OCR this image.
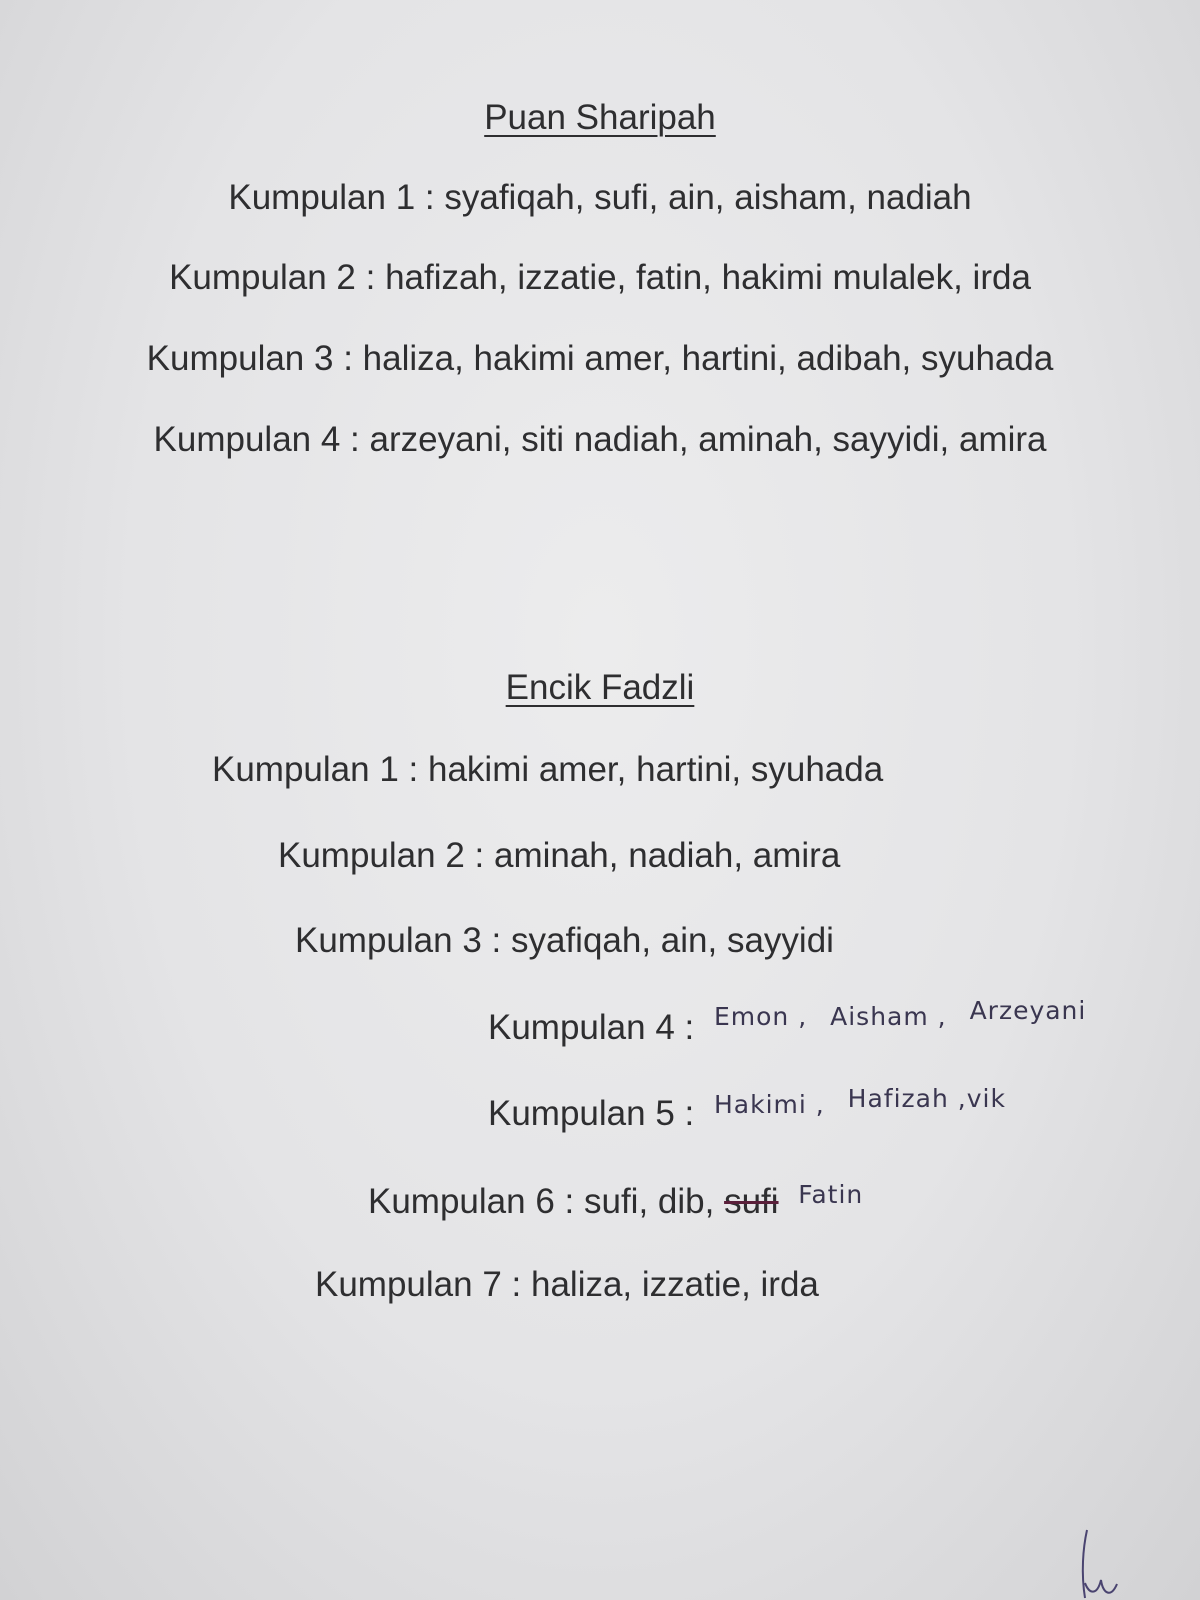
Puan Sharipah
Kumpulan 1 : syafiqah, sufi, ain, aisham, nadiah
Kumpulan 2 : hafizah, izzatie, fatin, hakimi mulalek, irda
Kumpulan 3 : haliza, hakimi amer, hartini, adibah, syuhada
Kumpulan 4 : arzeyani, siti nadiah, aminah, sayyidi, amira
Encik Fadzli
Kumpulan 1 : hakimi amer, hartini, syuhada
Kumpulan 2 : aminah, nadiah, amira
Kumpulan 3 : syafiqah, ain, sayyidi
Kumpulan 4 : $^{Emon , Aisham , Arzeyani}$
Kumpulan 5 : $^{Hakimi , Hafizah ,vik}$
Kumpulan 6 : sufi, dib, sufi $^{Fatin}$
Kumpulan 7 : haliza, izzatie, irda
